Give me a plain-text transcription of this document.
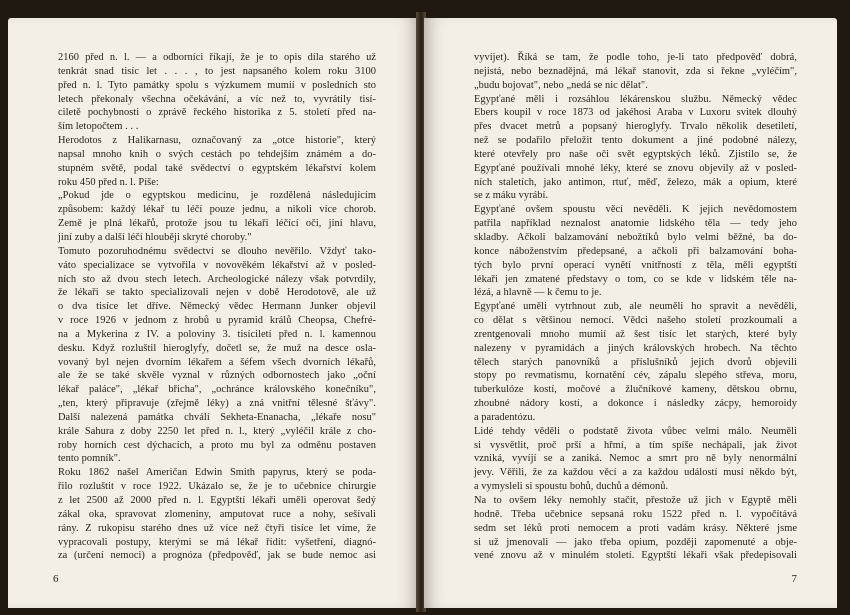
2160 před n. l. — a odborníci říkají, že je to opis díla starého už
tenkrát snad tisíc let . . . , to jest napsaného kolem roku 3100
před n. l. Tyto památky spolu s výzkumem mumií v posledních sto
letech překonaly všechna očekávání, a víc než to, vyvrátily tisí-
ciletě pochybnosti o zprávě řeckého historika z 5. století před na-
ším letopočtem . . .
Herodotos z Halikarnasu, označovaný za „otce historie", který
napsal mnoho knih o svých cestách po tehdejším známém a do-
stupném světě, podal také svědectví o egyptském lékařství kolem
roku 450 před n. l. Píše:
„Pokud jde o egyptskou medicínu, je rozdělená následujícím
způsobem: každý lékař tu léčí pouze jednu, a nikoli více chorob.
Země je plná lékařů, protože jsou tu lékaři léčící oči, jiní hlavu,
jiní zuby a další léčí hlouběji skryté choroby."
Tomuto pozoruhodnému svědectví se dlouho nevěřilo. Vždyť tako-
váto specializace se vytvořila v novověkém lékařství až v posled-
ních sto až dvou stech letech. Archeologické nálezy však potvrdily,
že lékaři se takto specializovali nejen v době Herodotově, ale už
o dva tisíce let dříve. Německý vědec Hermann Junker objevil
v roce 1926 v jednom z hrobů u pyramid králů Cheopsa, Chefré-
na a Mykerina z IV. a poloviny 3. tisíciletí před n. l. kamennou
desku. Když rozluštil hieroglyfy, dočetl se, že muž na desce osla-
vovaný byl nejen dvorním lékařem a šéfem všech dvorních lékařů,
ale že se také skvěle vyznal v různých odbornostech jako „oční
lékař paláce", „lékař břicha", „ochránce královského konečníku",
„ten, který připravuje (zřejmě léky) a zná vnitřní tělesné šťávy".
Další nalezená památka chválí Sekheta-Enanacha, „lékaře nosu"
krále Sahura z doby 2250 let před n. l., který „vyléčil krále z cho-
roby horních cest dýchacích, a proto mu byl za odměnu postaven
tento pomník".
Roku 1862 našel Američan Edwin Smith papyrus, který se poda-
řilo rozluštit v roce 1922. Ukázalo se, že je to učebnice chirurgie
z let 2500 až 2000 před n. l. Egyptští lékaři uměli operovat šedý
zákal oka, spravovat zlomeniny, amputovat ruce a nohy, sešívali
rány. Z rukopisu starého dnes už více než čtyři tisíce let víme, že
vypracovali postupy, kterými se má lékař řídit: vyšetření, diagnó-
za (určení nemoci) a prognóza (předpověď, jak se bude nemoc asi
6
vyvíjet). Říká se tam, že podle toho, je-li tato předpověď dobrá,
nejistá, nebo beznadějná, má lékař stanovit, zda si řekne „vyléčím",
„budu bojovat", nebo „nedá se nic dělat".
Egypťané měli i rozsáhlou lékárenskou službu. Německý vědec
Ebers koupil v roce 1873 od jakéhosi Araba v Luxoru svitek dlouhý
přes dvacet metrů a popsaný hieroglyfy. Trvalo několik desetiletí,
než se podařilo přeložit tento dokument a jiné podobné nálezy,
které otevřely pro naše oči svět egyptských léků. Zjistilo se, že
Egypťané používali mnohé léky, které se znovu objevily až v posled-
ních staletích, jako antimon, rtuť, měď, železo, mák a opium, které
se z máku vyrábí.
Egypťané ovšem spoustu věcí nevěděli. K jejich nevědomostem
patřila například neznalost anatomie lidského těla — tedy jeho
skladby. Ačkoli balzamování nebožtíků bylo velmi běžné, ba do-
konce náboženstvím předepsané, a ačkoli při balzamování boha-
tých bylo první operací vynětí vnitřností z těla, měli egyptští
lékaři jen zmatené představy o tom, co se kde v lidském těle na-
lézá, a hlavně — k čemu to je.
Egypťané uměli vytrhnout zub, ale neuměli ho spravit a nevěděli,
co dělat s většinou nemocí. Vědci našeho století prozkoumali a
zrentgenovali mnoho mumií až šest tisíc let starých, které byly
nalezeny v pyramidách a jiných královských hrobech. Na těchto
tělech starých panovníků a příslušníků jejich dvorů objevili
stopy po revmatismu, kornatění cév, zápalu slepého střeva, moru,
tuberkulóze kostí, močové a žlučníkové kameny, dětskou obrnu,
zhoubné nádory kostí, a dokonce i následky zácpy, hemoroidy
a paradentózu.
Lidé tehdy věděli o podstatě života vůbec velmi málo. Neuměli
si vysvětlit, proč prší a hřmí, a tím spíše nechápali, jak život
vzniká, vyvíjí se a zaniká. Nemoc a smrt pro ně byly nenormální
jevy. Věřili, že za každou věcí a za každou událostí musí někdo být,
a vymysleli si spoustu bohů, duchů a démonů.
Na to ovšem léky nemohly stačit, přestože už jich v Egyptě měli
hodně. Třeba učebnice sepsaná roku 1522 před n. l. vypočítává
sedm set léků proti nemocem a proti vadám krásy. Některé jsme
si už jmenovali — jako třeba opium, později zapomenuté a obje-
vené znovu až v minulém století. Egyptští lékaři však předepisovali
7
